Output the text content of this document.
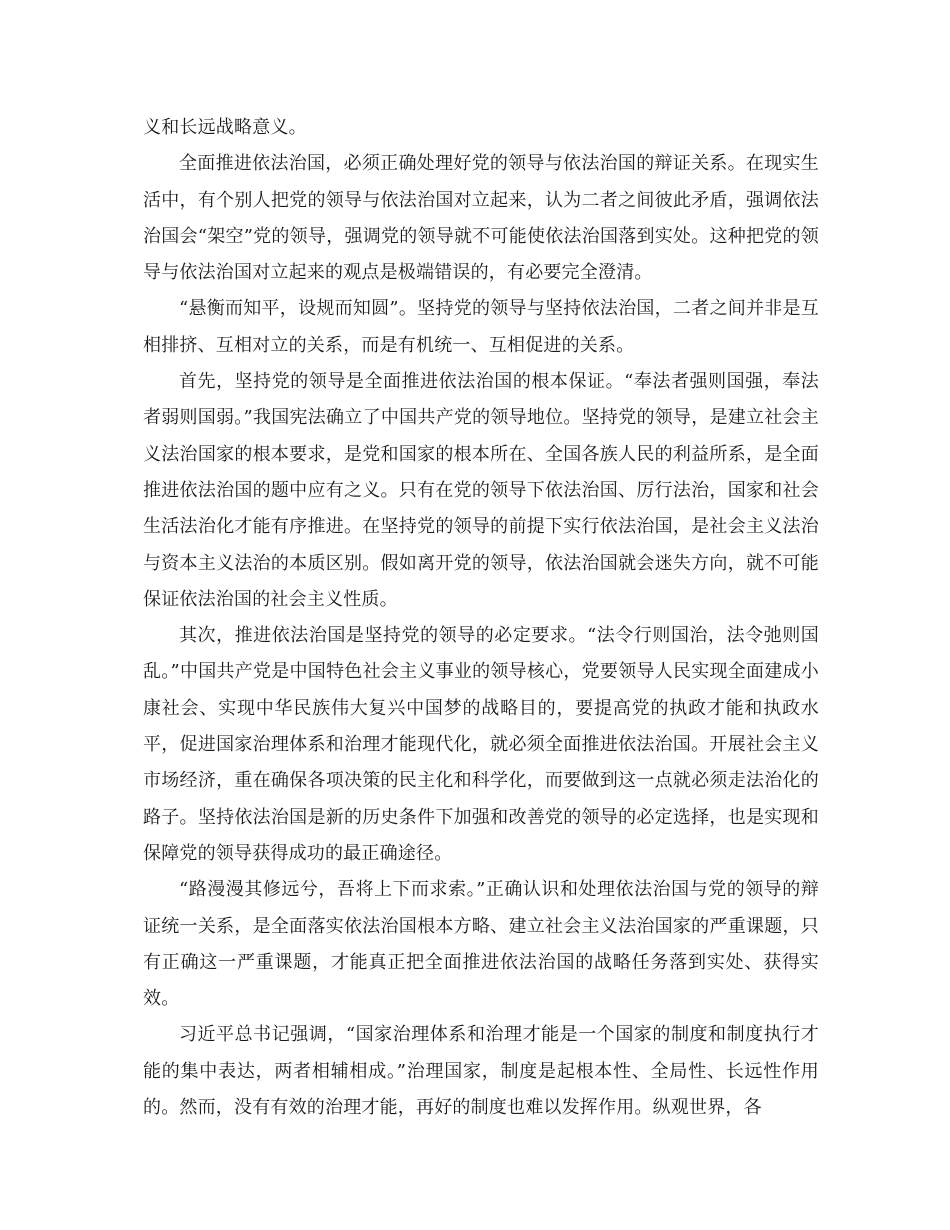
义和长远战略意义。

全面推进依法治国，必须正确处理好党的领导与依法治国的辩证关系。在现实生活中，有个别人把党的领导与依法治国对立起来，认为二者之间彼此矛盾，强调依法治国会“架空”党的领导，强调党的领导就不可能使依法治国落到实处。这种把党的领导与依法治国对立起来的观点是极端错误的，有必要完全澄清。

“悬衡而知平，设规而知圆”。坚持党的领导与坚持依法治国，二者之间并非是互相排挤、互相对立的关系，而是有机统一、互相促进的关系。

首先，坚持党的领导是全面推进依法治国的根本保证。“奉法者强则国强，奉法者弱则国弱。”我国宪法确立了中国共产党的领导地位。坚持党的领导，是建立社会主义法治国家的根本要求，是党和国家的根本所在、全国各族人民的利益所系，是全面推进依法治国的题中应有之义。只有在党的领导下依法治国、厉行法治，国家和社会生活法治化才能有序推进。在坚持党的领导的前提下实行依法治国，是社会主义法治与资本主义法治的本质区别。假如离开党的领导，依法治国就会迷失方向，就不可能保证依法治国的社会主义性质。

其次，推进依法治国是坚持党的领导的必定要求。“法令行则国治，法令弛则国乱。”中国共产党是中国特色社会主义事业的领导核心，党要领导人民实现全面建成小康社会、实现中华民族伟大复兴中国梦的战略目的，要提高党的执政才能和执政水平，促进国家治理体系和治理才能现代化，就必须全面推进依法治国。开展社会主义市场经济，重在确保各项决策的民主化和科学化，而要做到这一点就必须走法治化的路子。坚持依法治国是新的历史条件下加强和改善党的领导的必定选择，也是实现和保障党的领导获得成功的最正确途径。

“路漫漫其修远兮，吾将上下而求索。”正确认识和处理依法治国与党的领导的辩证统一关系，是全面落实依法治国根本方略、建立社会主义法治国家的严重课题，只有正确这一严重课题，才能真正把全面推进依法治国的战略任务落到实处、获得实效。

习近平总书记强调，“国家治理体系和治理才能是一个国家的制度和制度执行才能的集中表达，两者相辅相成。”治理国家，制度是起根本性、全局性、长远性作用的。然而，没有有效的治理才能，再好的制度也难以发挥作用。纵观世界，各
